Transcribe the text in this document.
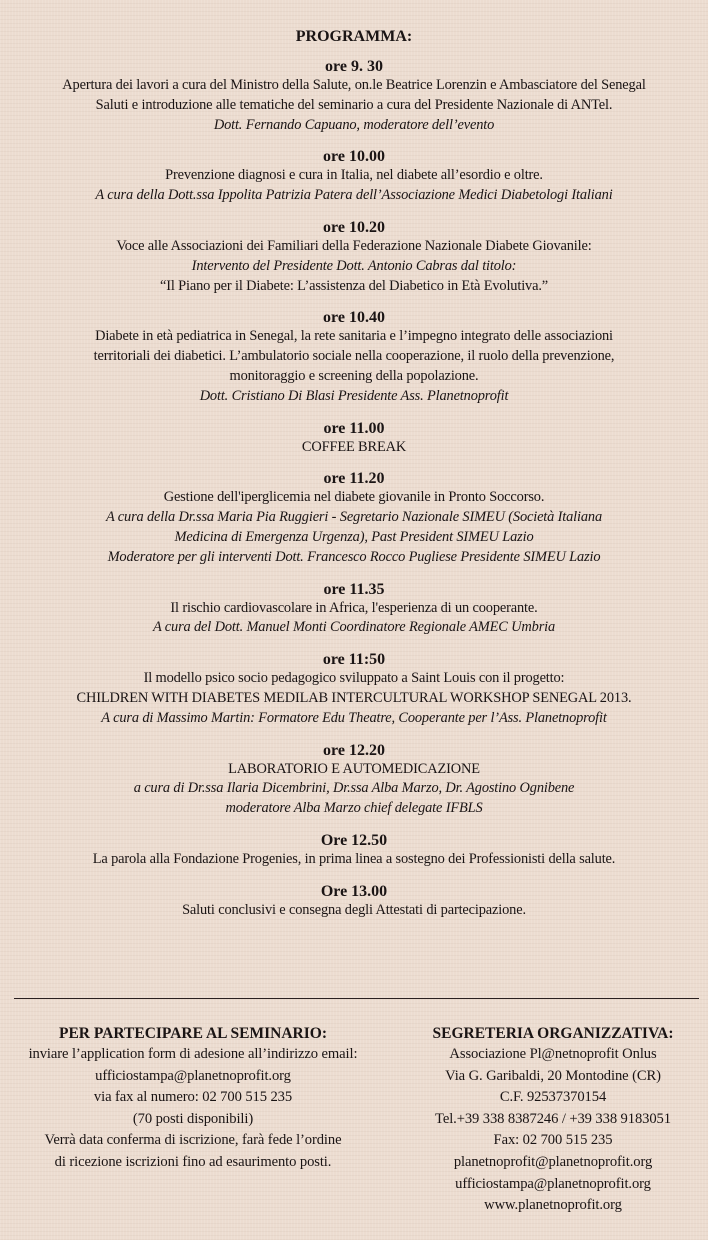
PROGRAMMA:
ore 9. 30
Apertura dei lavori a cura del Ministro della Salute, on.le Beatrice Lorenzin e Ambasciatore del Senegal
Saluti e introduzione alle tematiche del seminario a cura del Presidente Nazionale di ANTel.
Dott. Fernando Capuano, moderatore dell’evento
ore 10.00
Prevenzione diagnosi e cura in Italia, nel diabete all’esordio e oltre.
A cura della Dott.ssa Ippolita Patrizia Patera dell’Associazione Medici Diabetologi Italiani
ore 10.20
Voce alle Associazioni dei Familiari della Federazione Nazionale Diabete Giovanile:
Intervento del Presidente Dott. Antonio Cabras dal titolo:
“Il Piano per il Diabete: L’assistenza del Diabetico in Età Evolutiva.”
ore 10.40
Diabete in età pediatrica in Senegal, la rete sanitaria e l’impegno integrato delle associazioni
territoriali dei diabetici. L’ambulatorio sociale nella cooperazione, il ruolo della prevenzione,
monitoraggio e screening della popolazione.
Dott. Cristiano Di Blasi Presidente Ass. Planetnoprofit
ore 11.00
COFFEE BREAK
ore 11.20
Gestione dell'iperglicemia nel diabete giovanile in Pronto Soccorso.
A cura della Dr.ssa Maria Pia Ruggieri - Segretario Nazionale SIMEU (Società Italiana
Medicina di Emergenza Urgenza), Past President SIMEU Lazio
Moderatore per gli interventi Dott. Francesco Rocco Pugliese Presidente SIMEU Lazio
ore 11.35
Il rischio cardiovascolare in Africa, l'esperienza di un cooperante.
A cura del Dott. Manuel Monti Coordinatore Regionale AMEC Umbria
ore 11:50
Il modello psico socio pedagogico sviluppato a Saint Louis con il progetto:
CHILDREN WITH DIABETES MEDILAB INTERCULTURAL WORKSHOP SENEGAL 2013.
A cura di Massimo Martin: Formatore Edu Theatre, Cooperante per l’Ass. Planetnoprofit
ore 12.20
LABORATORIO E AUTOMEDICAZIONE
a cura di Dr.ssa Ilaria Dicembrini, Dr.ssa Alba Marzo, Dr. Agostino Ognibene
moderatore Alba Marzo chief delegate IFBLS
Ore 12.50
La parola alla Fondazione Progenies, in prima linea a sostegno dei Professionisti della salute.
Ore 13.00
Saluti conclusivi e consegna degli Attestati di partecipazione.
PER PARTECIPARE AL SEMINARIO:
inviare l’application form di adesione all’indirizzo email:
ufficiostampa@planetnoprofit.org
via fax al numero: 02 700 515 235
(70 posti disponibili)
Verrà data conferma di iscrizione, farà fede l’ordine
di ricezione iscrizioni fino ad esaurimento posti.
SEGRETERIA ORGANIZZATIVA:
Associazione Pl@netnoprofit Onlus
Via G. Garibaldi, 20 Montodine (CR)
C.F. 92537370154
Tel.+39 338 8387246 / +39 338 9183051
Fax: 02 700 515 235
planetnoprofit@planetnoprofit.org
ufficiostampa@planetnoprofit.org
www.planetnoprofit.org
